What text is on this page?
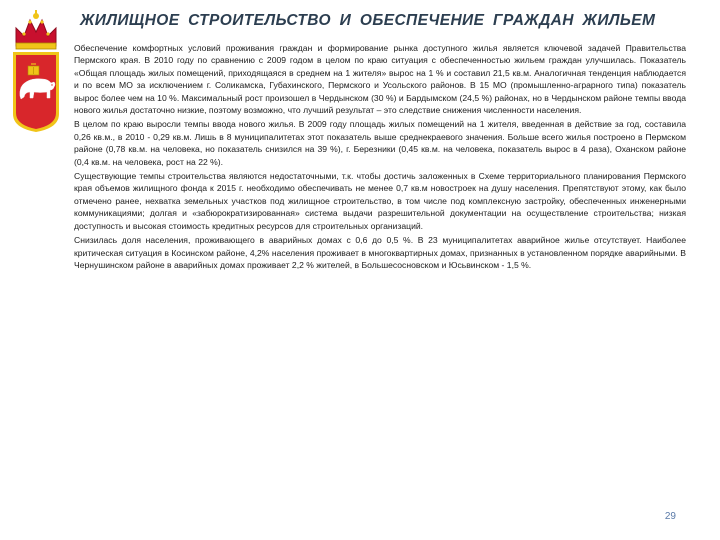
ЖИЛИЩНОЕ СТРОИТЕЛЬСТВО И ОБЕСПЕЧЕНИЕ ГРАЖДАН ЖИЛЬЕМ

Обеспечение комфортных условий проживания граждан и формирование рынка доступного жилья является ключевой задачей Правительства Пермского края. В 2010 году по сравнению с 2009 годом в целом по краю ситуация с обеспеченностью жильем граждан улучшилась. Показатель «Общая площадь жилых помещений, приходящаяся в среднем на 1 жителя» вырос на 1 % и составил 21,5 кв.м. Аналогичная тенденция наблюдается и по всем МО за исключением г. Соликамска, Губахинского, Пермского и Усольского районов. В 15 МО (промышленно-аграрного типа) показатель вырос более чем на 10 %. Максимальный рост произошел в Чердынском (30 %) и Бардымском (24,5 %) районах, но в Чердынском районе темпы ввода нового жилья достаточно низкие, поэтому возможно, что лучший результат – это следствие снижения численности населения.

В целом по краю выросли темпы ввода нового жилья. В 2009 году площадь жилых помещений на 1 жителя, введенная в действие за год, составила 0,26 кв.м., в 2010 - 0,29 кв.м. Лишь в 8 муниципалитетах этот показатель выше среднекраевого значения. Больше всего жилья построено в Пермском районе (0,78 кв.м. на человека, но показатель снизился на 39 %), г. Березники (0,45 кв.м. на человека, показатель вырос в 4 раза), Оханском районе (0,4 кв.м. на человека, рост на 22 %).

Существующие темпы строительства являются недостаточными, т.к. чтобы достичь заложенных в Схеме территориального планирования Пермского края объемов жилищного фонда к 2015 г. необходимо обеспечивать не менее 0,7 кв.м новостроек на душу населения. Препятствуют этому, как было отмечено ранее, нехватка земельных участков под жилищное строительство, в том числе под комплексную застройку, обеспеченных инженерными коммуникациями; долгая и «забюрократизированная» система выдачи разрешительной документации на осуществление строительства; низкая доступность и высокая стоимость кредитных ресурсов для строительных организаций.

Снизилась доля населения, проживающего в аварийных домах с 0,6 до 0,5 %. В 23 муниципалитетах аварийное жилье отсутствует. Наиболее критическая ситуация в Косинском районе, 4,2% населения проживает в многоквартирных домах, признанных в установленном порядке аварийными. В Чернушинском районе в аварийных домах проживает 2,2 % жителей, в Большесосновском и Юсьвинском - 1,5 %.

29
